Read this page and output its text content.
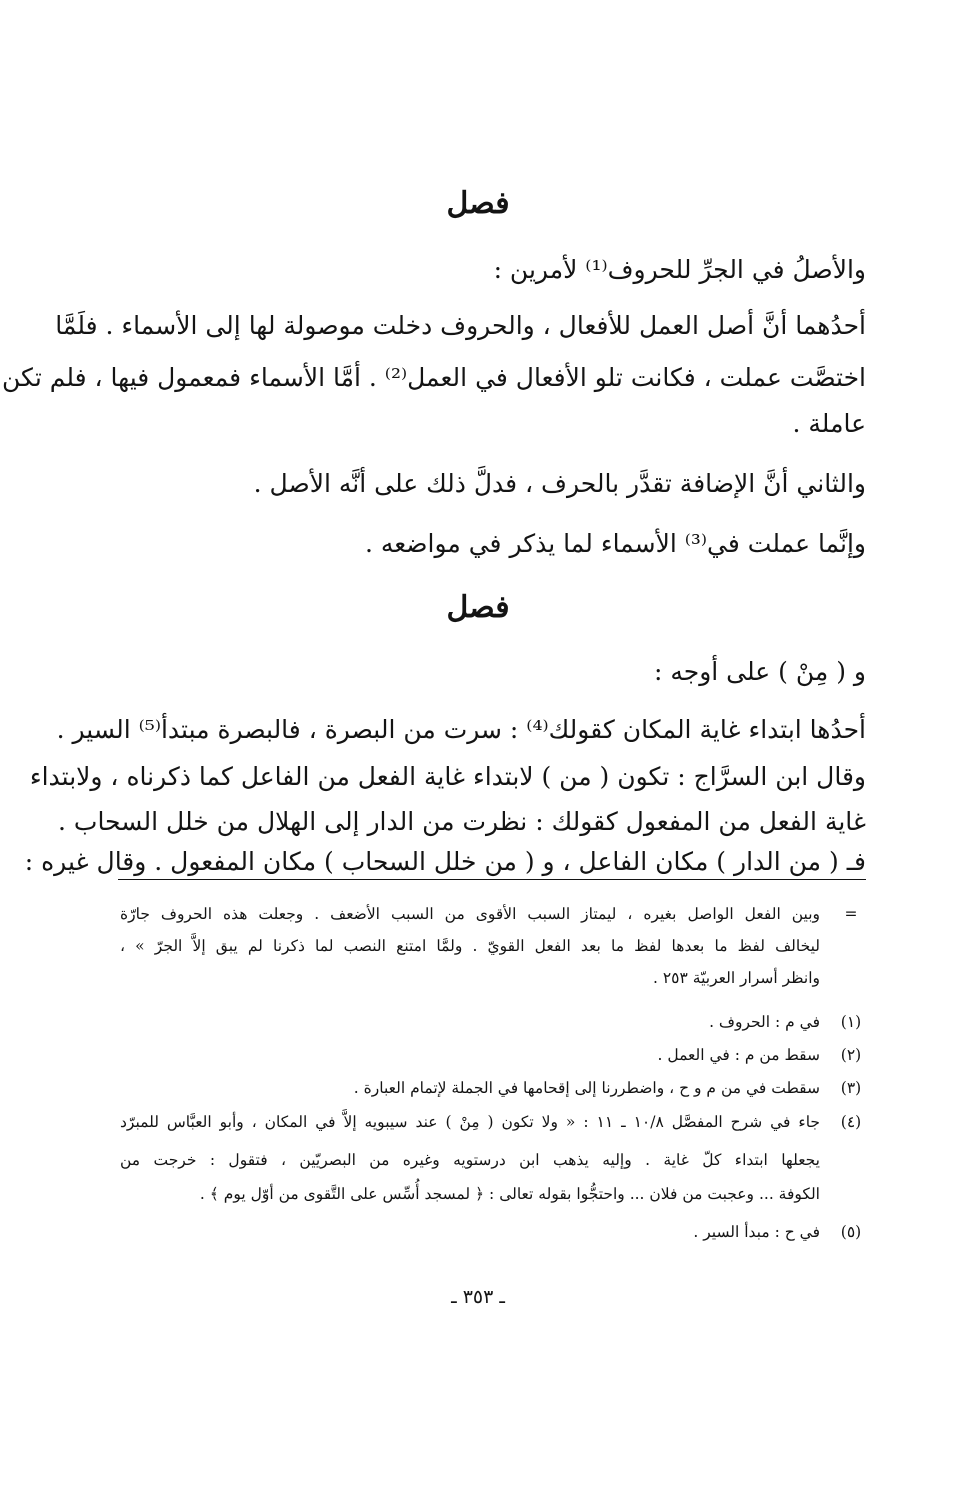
فصل
والأصلُ في الجرِّ للحروف⁽¹⁾ لأمرين :
أحدُهما أنَّ أصل العمل للأفعال ، والحروف دخلت موصولة لها إلى الأسماء . فلَمَّا
اختصَّت عملت ، فكانت تلو الأفعال في العمل⁽²⁾ . أمَّا الأسماء فمعمول فيها ، فلم تكن
عاملة .
والثاني أنَّ الإضافة تقدَّر بالحرف ، فدلَّ ذلك على أنَّه الأصل .
وإنَّما عملت في⁽³⁾ الأسماء لما يذكر في مواضعه .
فصل
و ( مِنْ ) على أوجه :
أحدُها ابتداء غاية المكان كقولك⁽⁴⁾ : سرت من البصرة ، فالبصرة مبتدأ⁽⁵⁾ السير .
وقال ابن السرَّاج : تكون ( من ) لابتداء غاية الفعل من الفاعل كما ذكرناه ، ولابتداء
غاية الفعل من المفعول كقولك : نظرت من الدار إلى الهلال من خلل السحاب .
فـ ( من الدار ) مكان الفاعل ، و ( من خلل السحاب ) مكان المفعول . وقال غيره :
=
وبين الفعل الواصل بغيره ، ليمتاز السبب الأقوى من السبب الأضعف . وجعلت هذه الحروف جارّة
ليخالف لفظ ما بعدها لفظ ما بعد الفعل القويّ . ولمَّا امتنع النصب لما ذكرنا لم يبق إلاَّ الجرّ » ،
وانظر أسرار العربيّة ٢٥٣ .
(١)
في م : الحروف .
(٢)
سقط من م : في العمل .
(٣)
سقطت في من م و ح ، واضطررنا إلى إقحامها في الجملة لإتمام العبارة .
(٤)
جاء في شرح المفصَّل ١٠/٨ ـ ١١ : « ولا تكون ( مِنْ ) عند سيبويه إلاَّ في المكان ، وأبو العبَّاس للمبرّد
يجعلها ابتداء كلّ غاية . وإليه يذهب ابن درستويه وغيره من البصريّين ، فتقول : خرجت من
الكوفة ... وعجبت من فلان ... واحتجُّوا بقوله تعالى : ﴿ لمسجد أُسِّس على التَّقوى من أوّل يوم ﴾ .
(٥)
في ح : مبدأ السير .
ـ ٣٥٣ ـ
